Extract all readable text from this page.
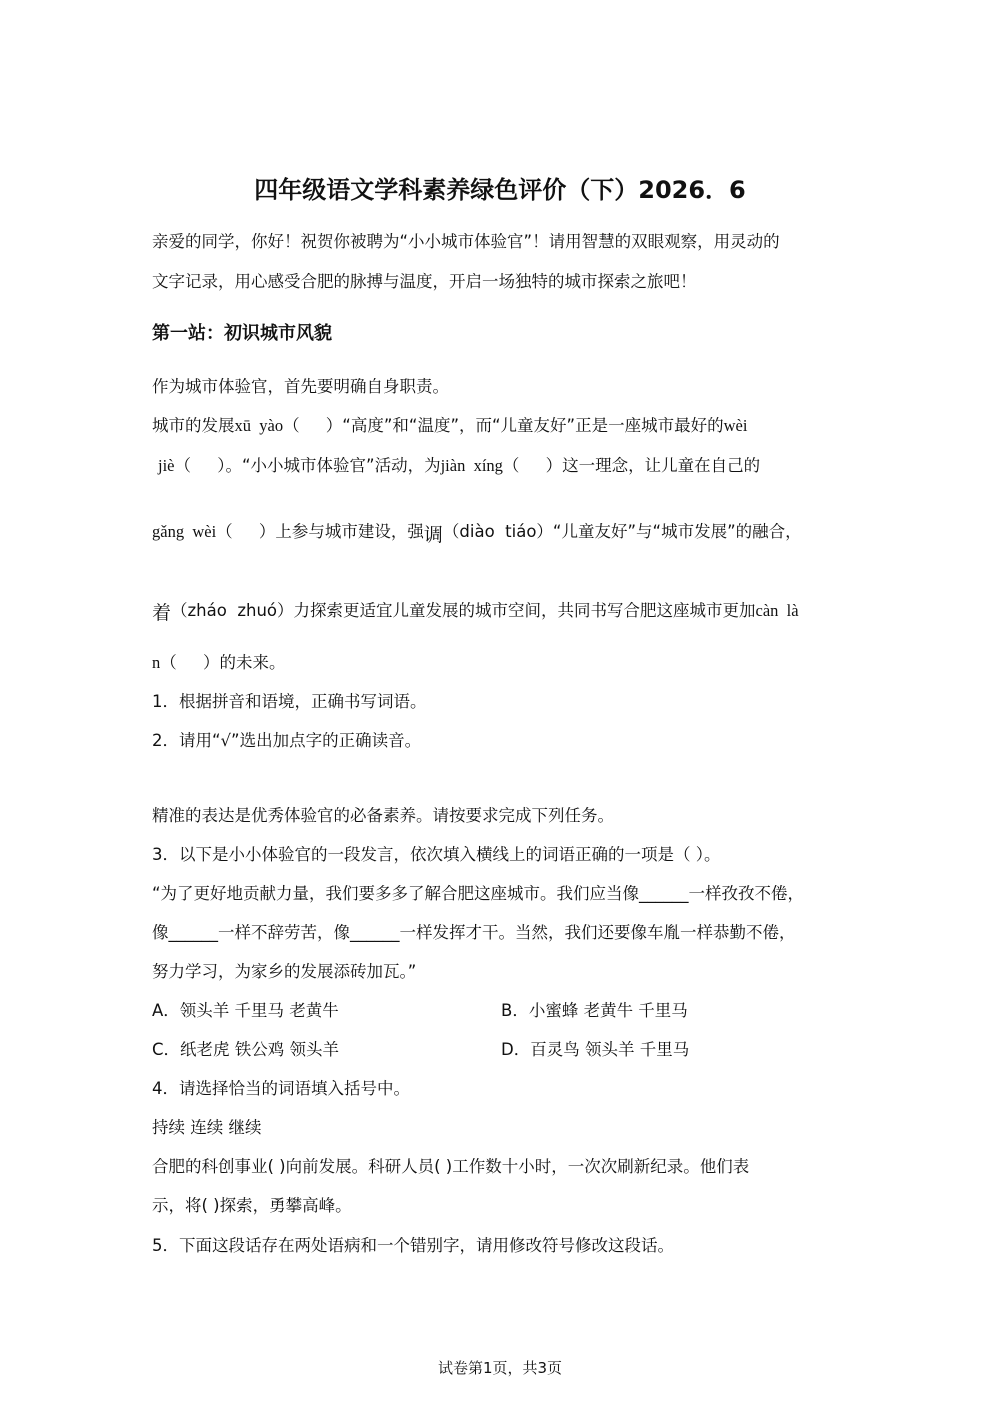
四年级语文学科素养绿色评价（下）2026．6
亲爱的同学，你好！祝贺你被聘为“小小城市体验官”！请用智慧的双眼观察，用灵动的
文字记录，用心感受合肥的脉搏与温度，开启一场独特的城市探索之旅吧！
第一站：初识城市风貌
作为城市体验官，首先要明确自身职责。
城市的发展xū  yào（     ）“高度”和“温度”，而“儿童友好”正是一座城市最好的wèi
jiè（     ）。“小小城市体验官”活动，为jiàn  xíng（     ）这一理念，让儿童在自己的
gǎng  wèi（     ）上参与城市建设，强调（diào  tiáo）“儿童友好”与“城市发展”的融合，
着（zháo  zhuó）力探索更适宜儿童发展的城市空间，共同书写合肥这座城市更加càn  là
n（     ）的未来。
1．根据拼音和语境，正确书写词语。
2．请用“√”选出加点字的正确读音。
精准的表达是优秀体验官的必备素养。请按要求完成下列任务。
3．以下是小小体验官的一段发言，依次填入横线上的词语正确的一项是（ ）。
“为了更好地贡献力量，我们要多多了解合肥这座城市。我们应当像______一样孜孜不倦，
像______一样不辞劳苦，像______一样发挥才干。当然，我们还要像车胤一样恭勤不倦，
努力学习，为家乡的发展添砖加瓦。”
A．领头羊 千里马 老黄牛	B．小蜜蜂 老黄牛 千里马
C．纸老虎 铁公鸡 领头羊	D．百灵鸟 领头羊 千里马
4．请选择恰当的词语填入括号中。
持续 连续 继续
合肥的科创事业( )向前发展。科研人员( )工作数十小时，一次次刷新纪录。他们表
示，将( )探索，勇攀高峰。
5．下面这段话存在两处语病和一个错别字，请用修改符号修改这段话。
试卷第1页，共3页
